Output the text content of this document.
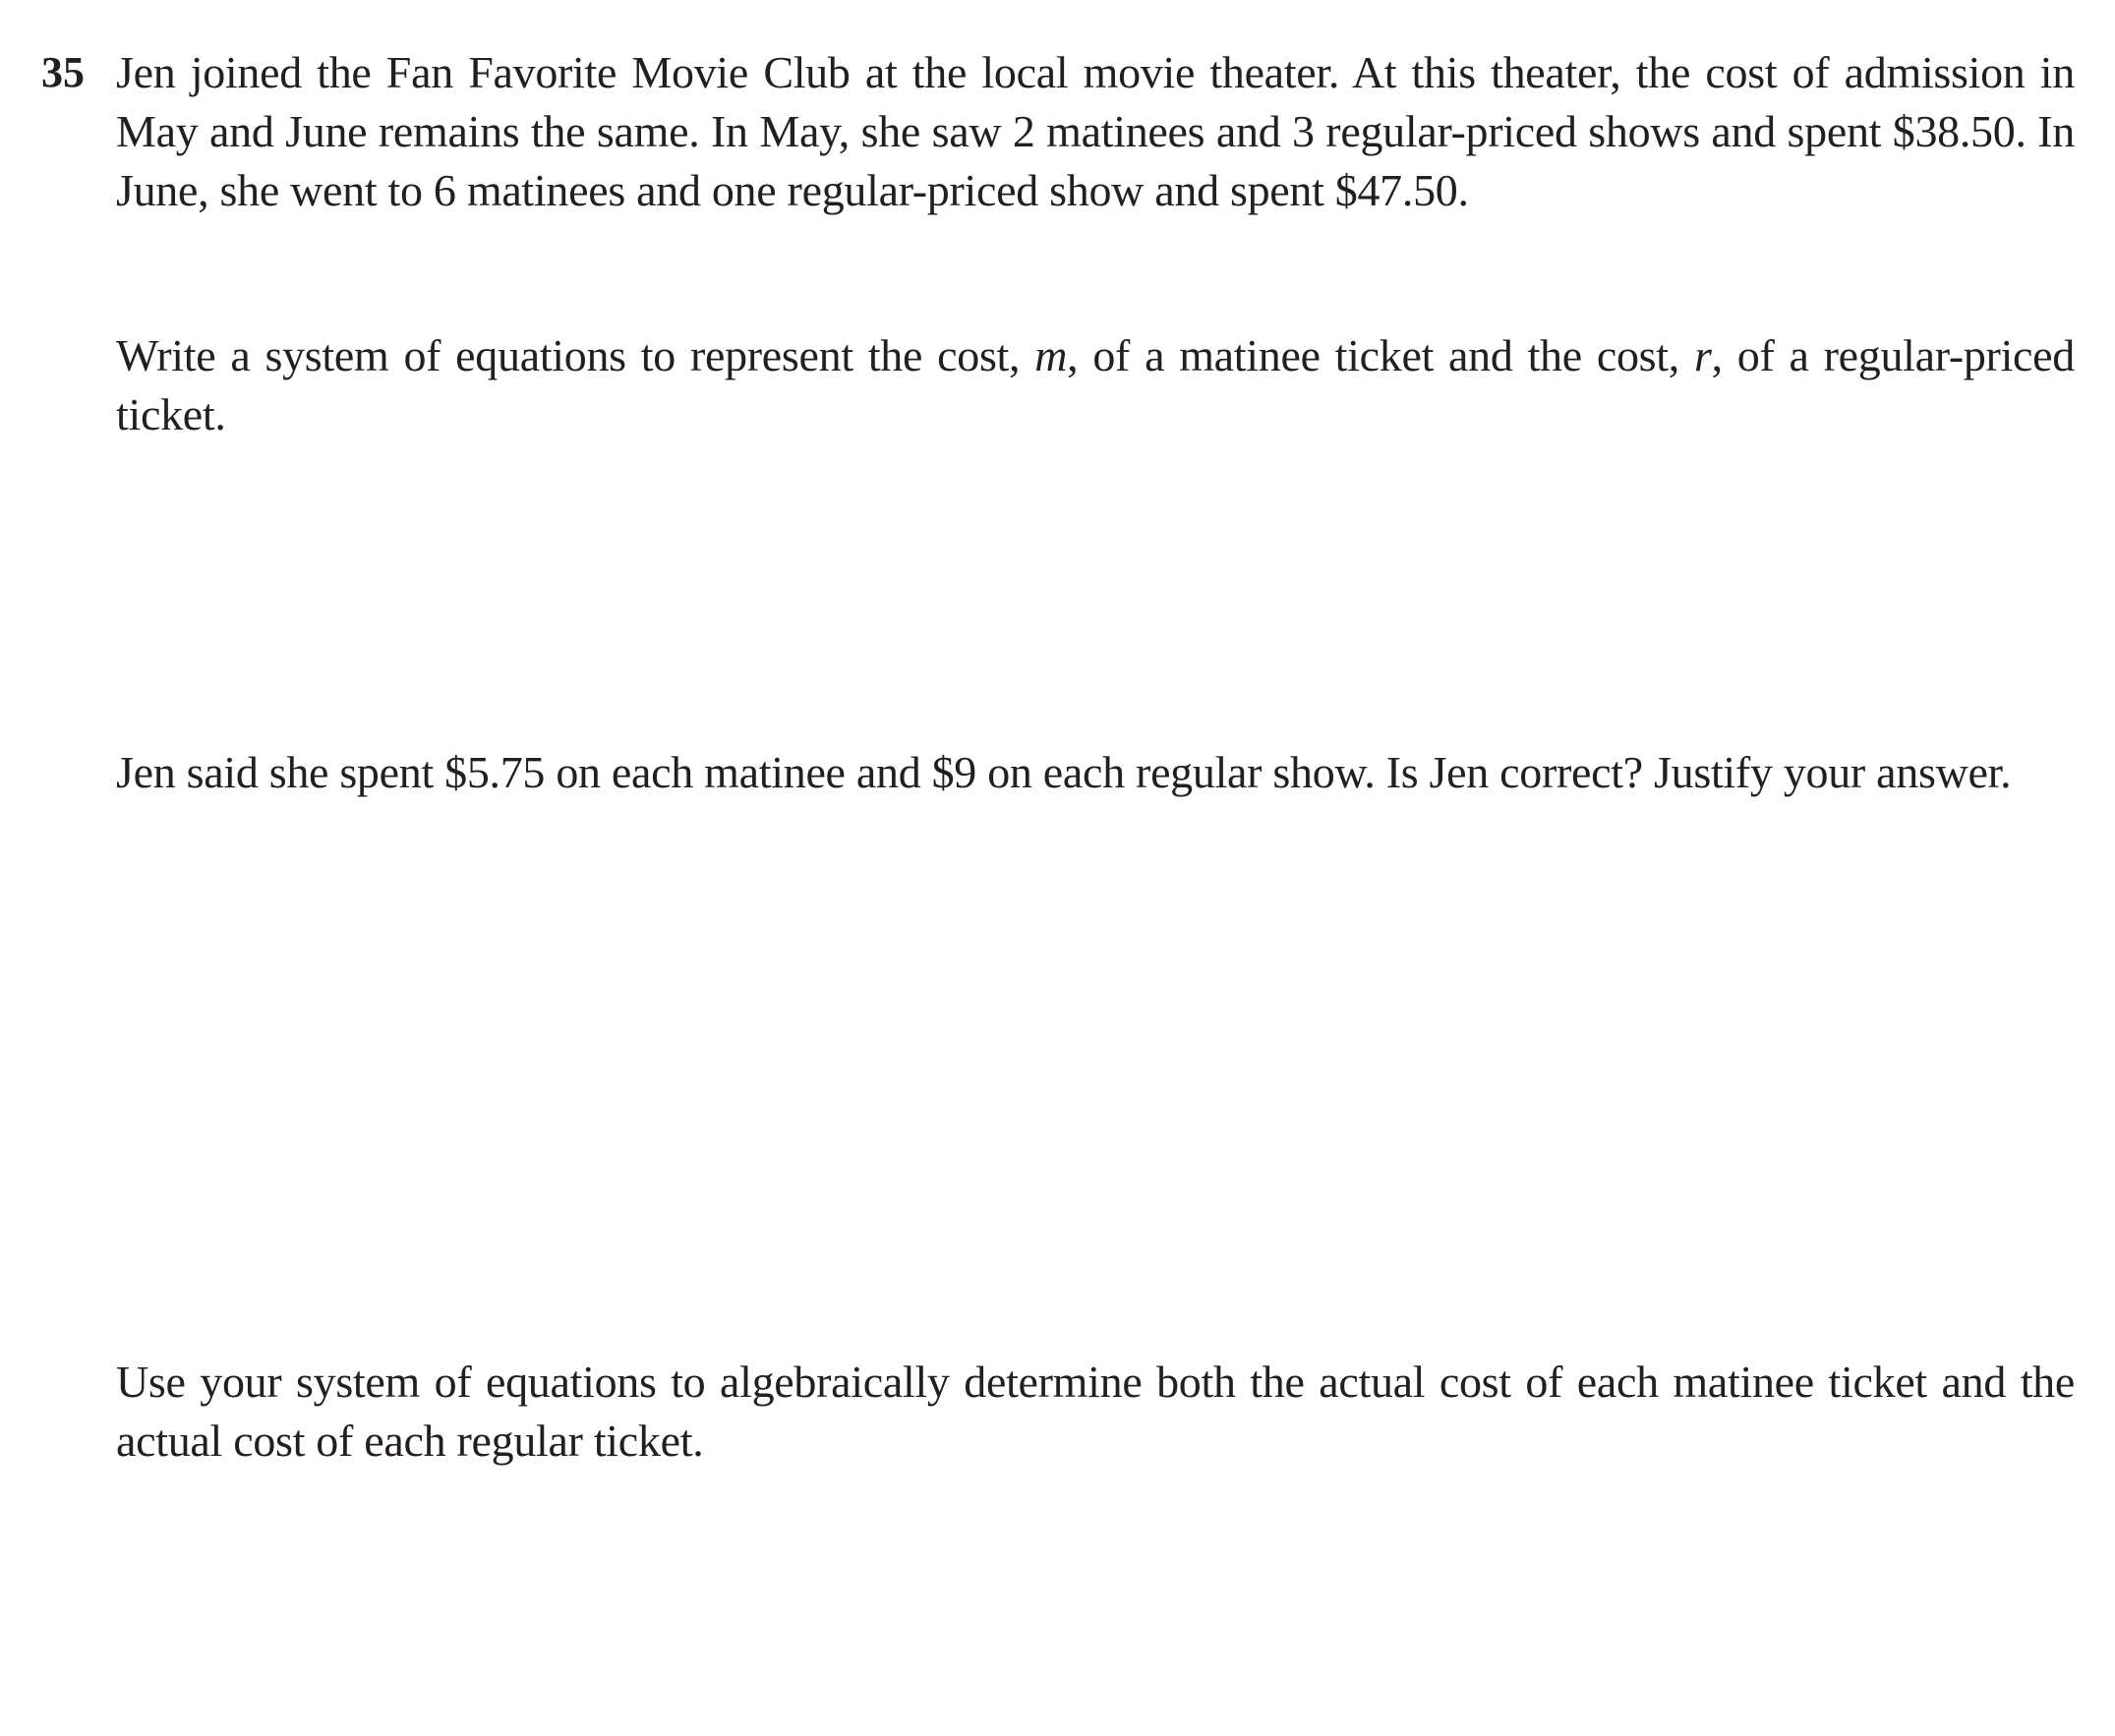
35 Jen joined the Fan Favorite Movie Club at the local movie theater. At this theater, the cost of admission in May and June remains the same. In May, she saw 2 matinees and 3 regular-priced shows and spent $38.50. In June, she went to 6 matinees and one regular-priced show and spent $47.50.

Write a system of equations to represent the cost, m, of a matinee ticket and the cost, r, of a regular-priced ticket.

Jen said she spent $5.75 on each matinee and $9 on each regular show. Is Jen correct? Justify your answer.

Use your system of equations to algebraically determine both the actual cost of each matinee ticket and the actual cost of each regular ticket.
